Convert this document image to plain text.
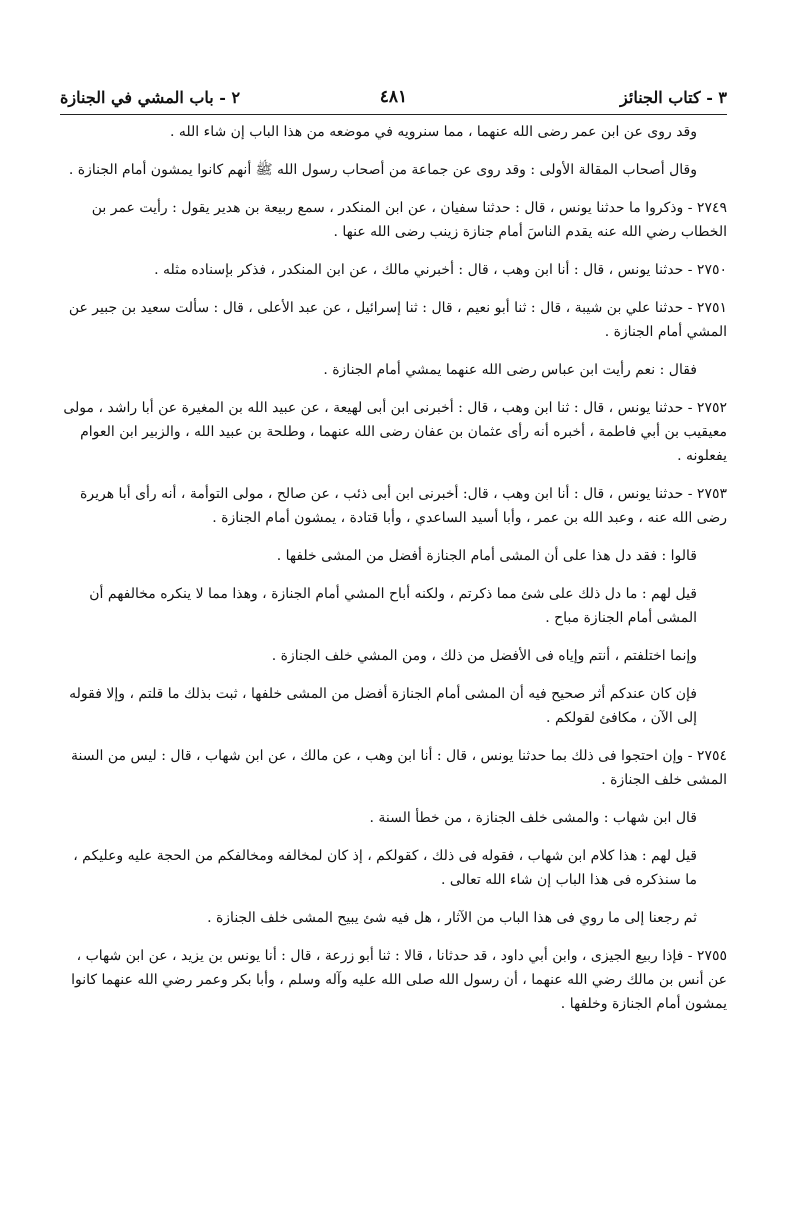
٢ - باب المشي في الجنازة	٤٨١	٣ - كتاب الجنائز

وقد روى عن ابن عمر رضى الله عنهما ، مما سنرويه في موضعه من هذا الباب إن شاء الله .

وقال أصحاب المقالة الأولى : وقد روى عن جماعة من أصحاب رسول الله ﷺ أنهم كانوا يمشون أمام الجنازة .

٢٧٤٩ - وذكروا ما حدثنا يونس ، قال : حدثنا سفيان ، عن ابن المنكدر ، سمع ربيعة بن هدير يقول : رأيت عمر بن الخطاب رضي الله عنه يقدم الناسَ أمام جنازة زينب رضى الله عنها .

٢٧٥٠ - حدثنا يونس ، قال : أنا ابن وهب ، قال : أخبرني مالك ، عن ابن المنكدر ، فذكر بإسناده مثله .

٢٧٥١ - حدثنا علي بن شيبة ، قال : ثنا أبو نعيم ، قال : ثنا إسرائيل ، عن عبد الأعلى ، قال : سألت سعيد بن جبير عن المشي أمام الجنازة .

فقال : نعم رأيت ابن عباس رضى الله عنهما يمشي أمام الجنازة .

٢٧٥٢ - حدثنا يونس ، قال : ثنا ابن وهب ، قال : أخبرنى ابن أبى لهيعة ، عن عبيد الله بن المغيرة عن أبا راشد ، مولى معيقيب بن أبي فاطمة ، أخبره أنه رأى عثمان بن عفان رضى الله عنهما ، وطلحة بن عبيد الله ، والزبير ابن العوام يفعلونه .

٢٧٥٣ - حدثنا يونس ، قال : أنا ابن وهب ، قال: أخبرنى ابن أبى ذئب ، عن صالح ، مولى التوأمة ، أنه رأى أبا هريرة رضى الله عنه ، وعبد الله بن عمر ، وأبا أسيد الساعدي ، وأبا قتادة ، يمشون أمام الجنازة .

قالوا : فقد دل هذا على أن المشى أمام الجنازة أفضل من المشى خلفها .

قيل لهم : ما دل ذلك على شئ مما ذكرتم ، ولكنه أباح المشي أمام الجنازة ، وهذا مما لا ينكره مخالفهم أن المشى أمام الجنازة مباح .

وإنما اختلفتم ، أنتم وإياه فى الأفضل من ذلك ، ومن المشي خلف الجنازة .

فإن كان عندكم أثر صحيح فيه أن المشى أمام الجنازة أفضل من المشى خلفها ، ثبت بذلك ما قلتم ، وإلا فقوله إلى الآن ، مكافئ لقولكم .

٢٧٥٤ - وإن احتجوا فى ذلك بما حدثنا يونس ، قال : أنا ابن وهب ، عن مالك ، عن ابن شهاب ، قال : ليس من السنة المشى خلف الجنازة .

قال ابن شهاب : والمشى خلف الجنازة ، من خطأ السنة .

قيل لهم : هذا كلام ابن شهاب ، فقوله فى ذلك ، كقولكم ، إذ كان لمخالفه ومخالفكم من الحجة عليه وعليكم ، ما سنذكره فى هذا الباب إن شاء الله تعالى .

ثم رجعنا إلى ما روي فى هذا الباب من الآثار ، هل فيه شئ يبيح المشى خلف الجنازة .

٢٧٥٥ - فإذا ربيع الجيزى ، وابن أبي داود ، قد حدثانا ، قالا : ثنا أبو زرعة ، قال : أنا يونس بن يزيد ، عن ابن شهاب ، عن أنس بن مالك رضي الله عنهما ، أن رسول الله صلى الله عليه وآله وسلم ، وأبا بكر وعمر رضي الله عنهما كانوا يمشون أمام الجنازة وخلفها .
